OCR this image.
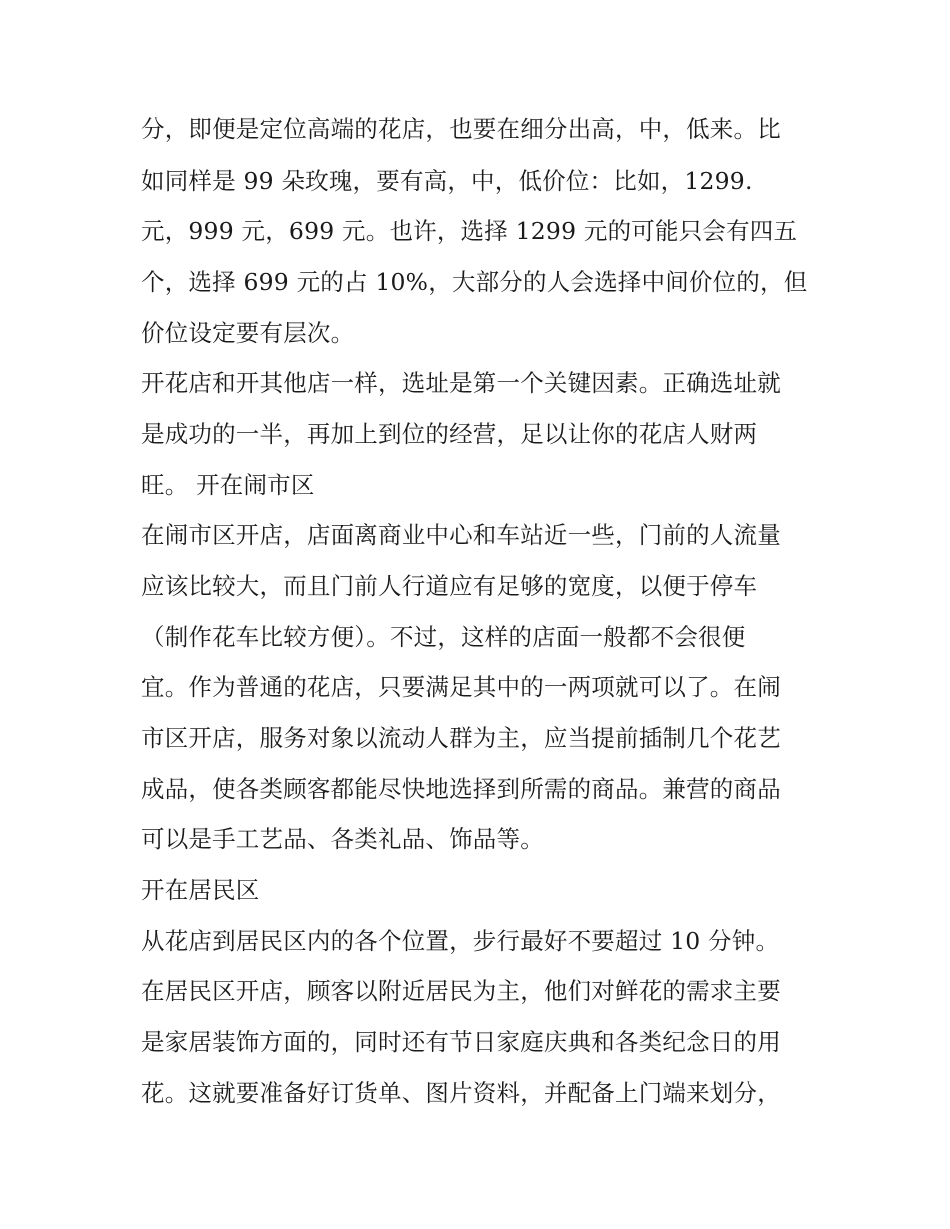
分，即便是定位高端的花店，也要在细分出高，中，低来。比
如同样是 99 朵玫瑰，要有高，中，低价位：比如，1299.
元，999 元，699 元。也许，选择 1299 元的可能只会有四五
个，选择 699 元的占 10%，大部分的人会选择中间价位的，但
价位设定要有层次。
开花店和开其他店一样，选址是第一个关键因素。正确选址就
是成功的一半，再加上到位的经营，足以让你的花店人财两
旺。 开在闹市区
在闹市区开店，店面离商业中心和车站近一些，门前的人流量
应该比较大，而且门前人行道应有足够的宽度，以便于停车
（制作花车比较方便）。不过，这样的店面一般都不会很便
宜。作为普通的花店，只要满足其中的一两项就可以了。在闹
市区开店，服务对象以流动人群为主，应当提前插制几个花艺
成品，使各类顾客都能尽快地选择到所需的商品。兼营的商品
可以是手工艺品、各类礼品、饰品等。
开在居民区
从花店到居民区内的各个位置，步行最好不要超过 10 分钟。
在居民区开店，顾客以附近居民为主，他们对鲜花的需求主要
是家居装饰方面的，同时还有节日家庭庆典和各类纪念日的用
花。这就要准备好订货单、图片资料，并配备上门端来划分，
